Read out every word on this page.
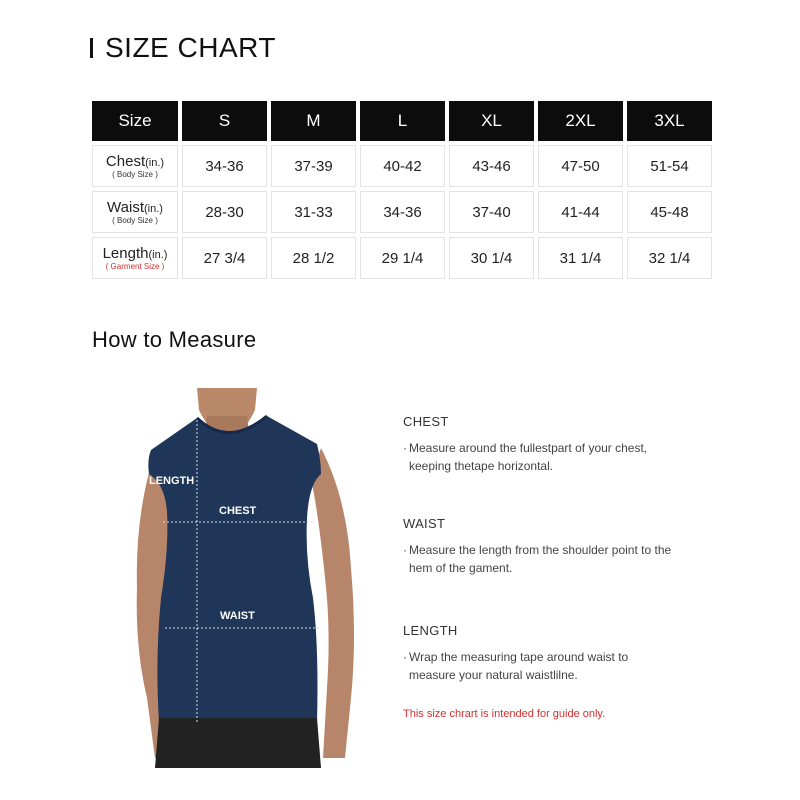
SIZE CHART
Size	S	M	L	XL	2XL	3XL
Chest(in.)
( Body Size )	34-36	37-39	40-42	43-46	47-50	51-54
Waist(in.)
( Body Size )	28-30	31-33	34-36	37-40	41-44	45-48
Length(in.)
( Garment Size )	27 3/4	28 1/2	29 1/4	30 1/4	31 1/4	32 1/4
How to Measure
LENGTH
CHEST
WAIST
CHEST
· Measure around the fullestpart of your chest,
keeping thetape horizontal.
WAIST
· Measure the length from the shoulder point to the
hem of the gament.
LENGTH
· Wrap the measuring tape around waist to
measure your natural waistlilne.
This size chrart is intended for guide only.
